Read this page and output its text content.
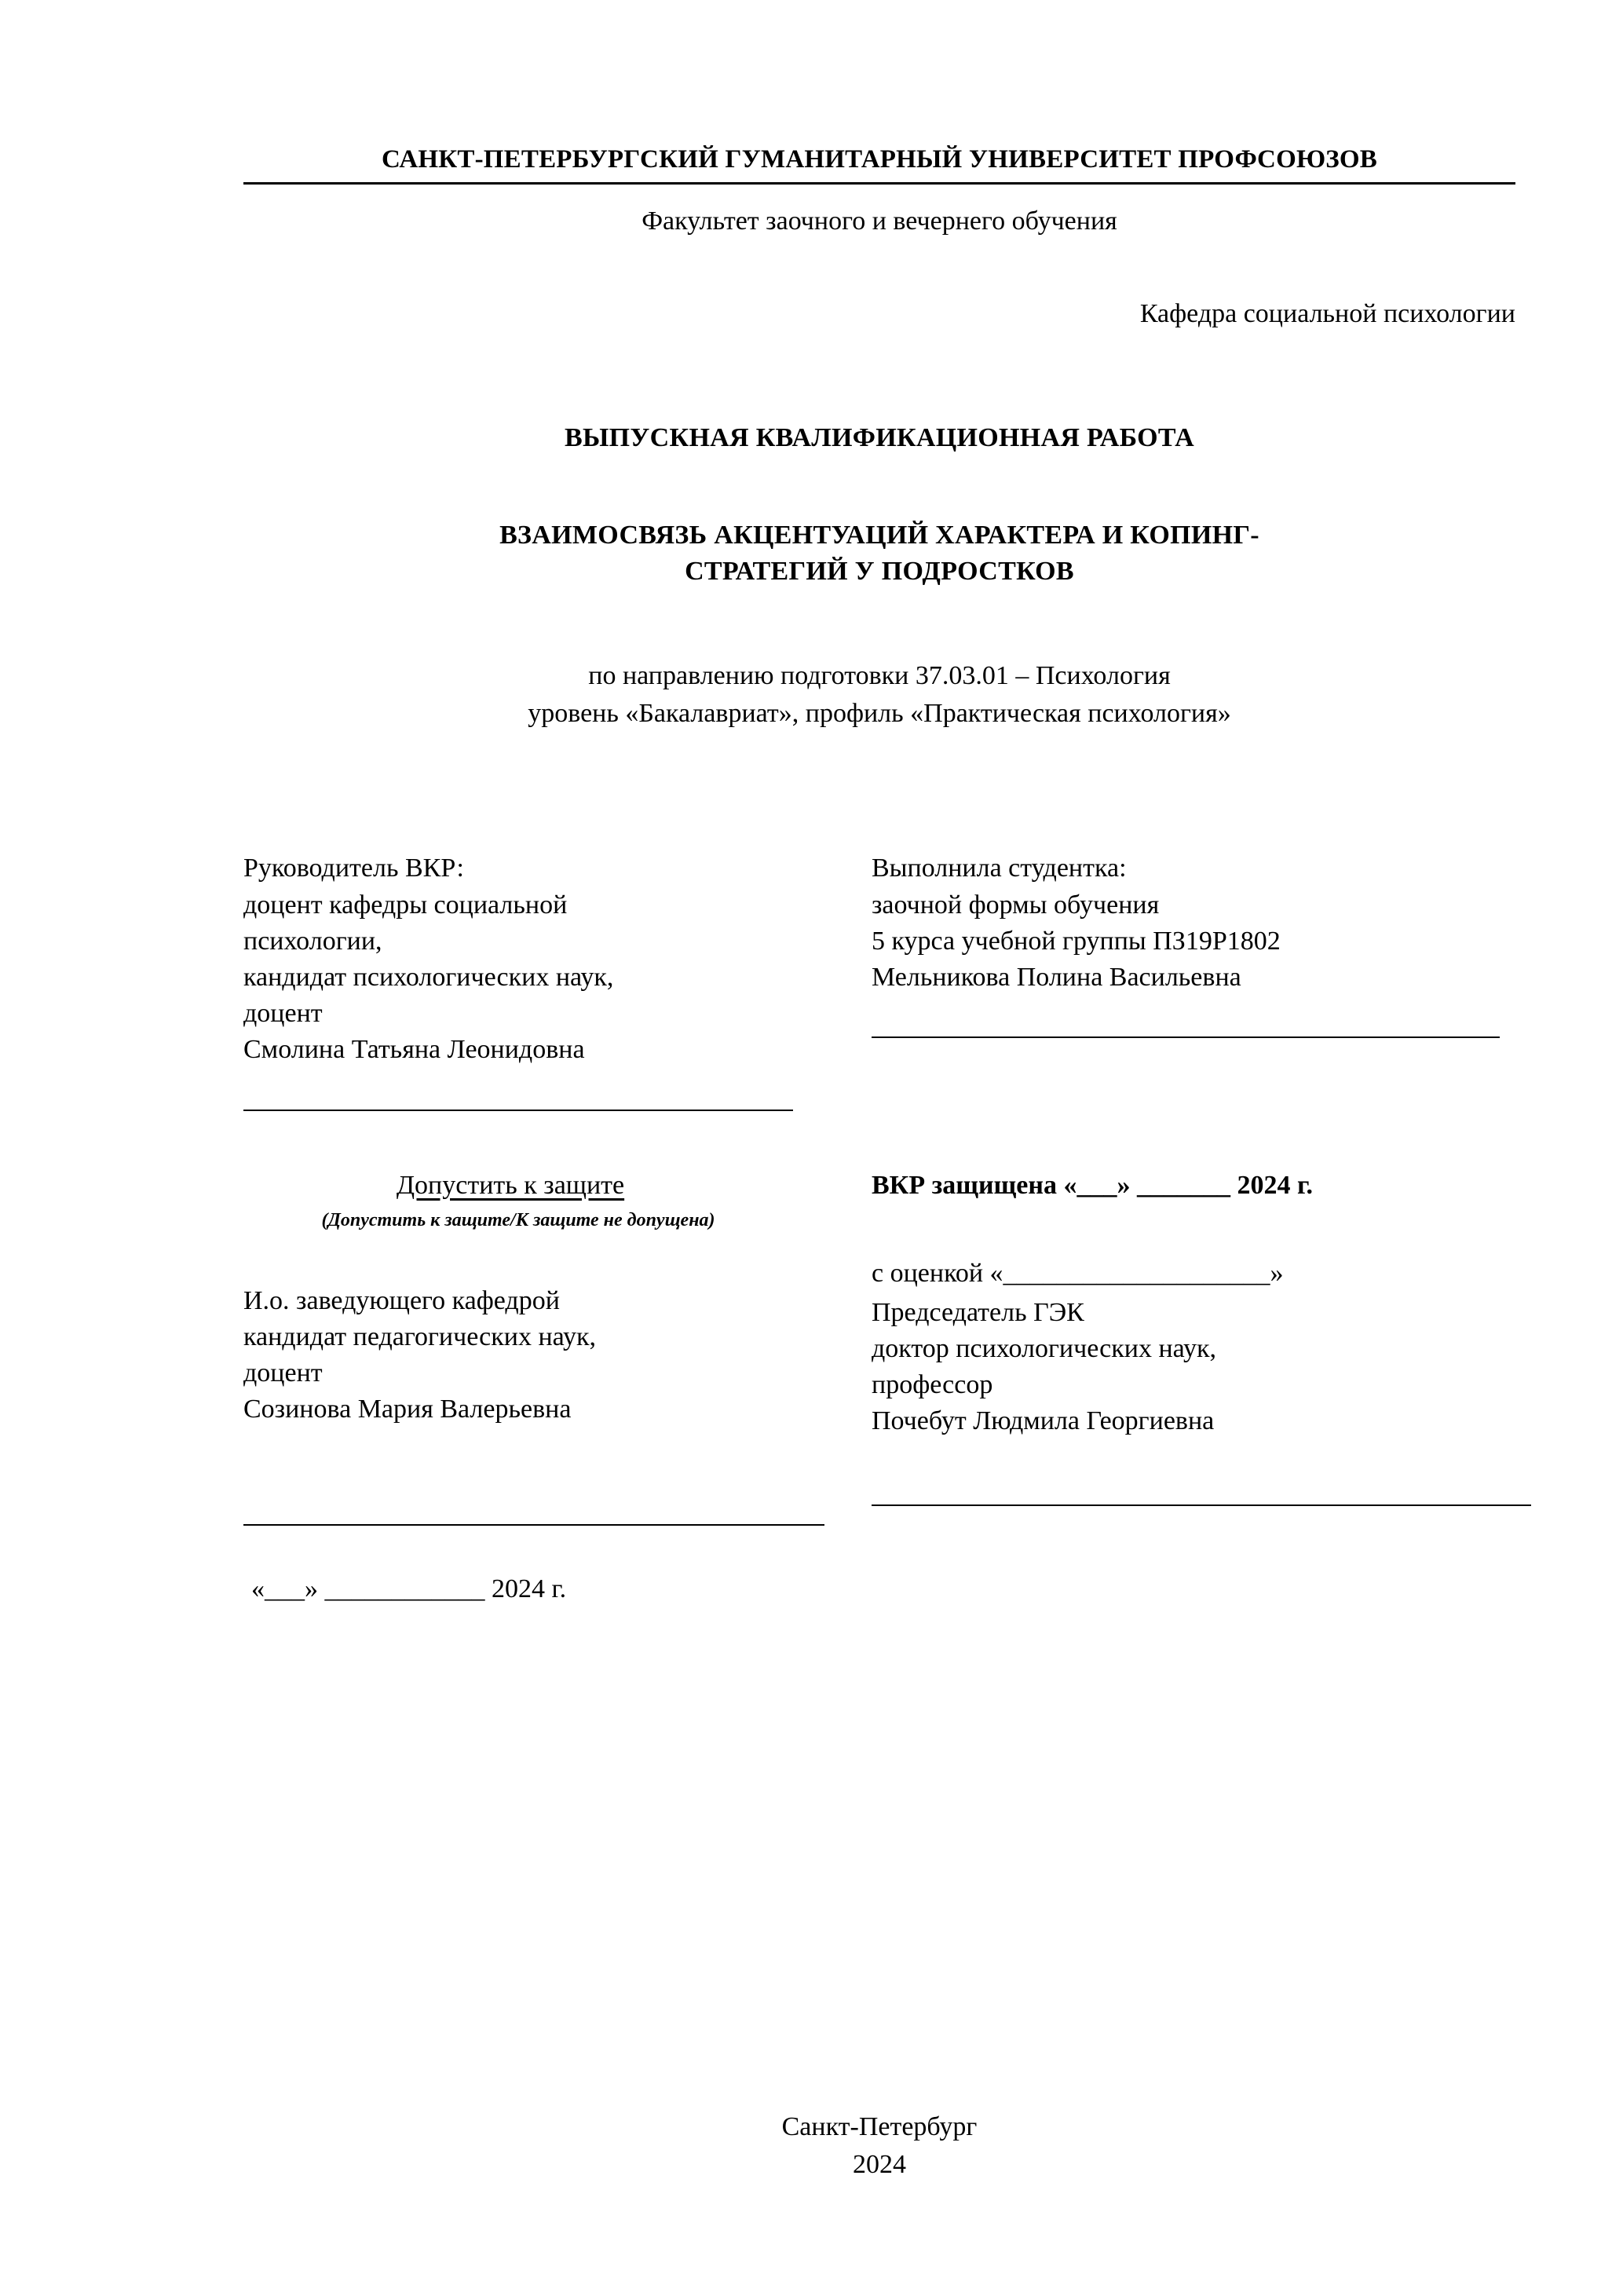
САНКТ-ПЕТЕРБУРГСКИЙ ГУМАНИТАРНЫЙ УНИВЕРСИТЕТ ПРОФСОЮЗОВ
Факультет заочного и вечернего обучения
Кафедра социальной психологии
ВЫПУСКНАЯ КВАЛИФИКАЦИОННАЯ РАБОТА
ВЗАИМОСВЯЗЬ АКЦЕНТУАЦИЙ ХАРАКТЕРА И КОПИНГ-
СТРАТЕГИЙ У ПОДРОСТКОВ
по направлению подготовки 37.03.01 – Психология
уровень «Бакалавриат», профиль «Практическая психология»
Руководитель ВКР:
доцент кафедры социальной
психологии,
кандидат психологических наук,
доцент
Смолина Татьяна Леонидовна
Выполнила студентка:
заочной формы обучения
5 курса учебной группы ПЗ19Р1802
Мельникова Полина Васильевна
Допустить к защите
(Допустить к защите/К защите не допущена)
И.о. заведующего кафедрой
кандидат педагогических наук,
доцент
Созинова Мария Валерьевна
«___» ____________ 2024 г.
ВКР защищена «___» _______ 2024 г.
с оценкой «____________________»
Председатель ГЭК
доктор психологических наук,
профессор
Почебут Людмила Георгиевна
Санкт-Петербург
2024
